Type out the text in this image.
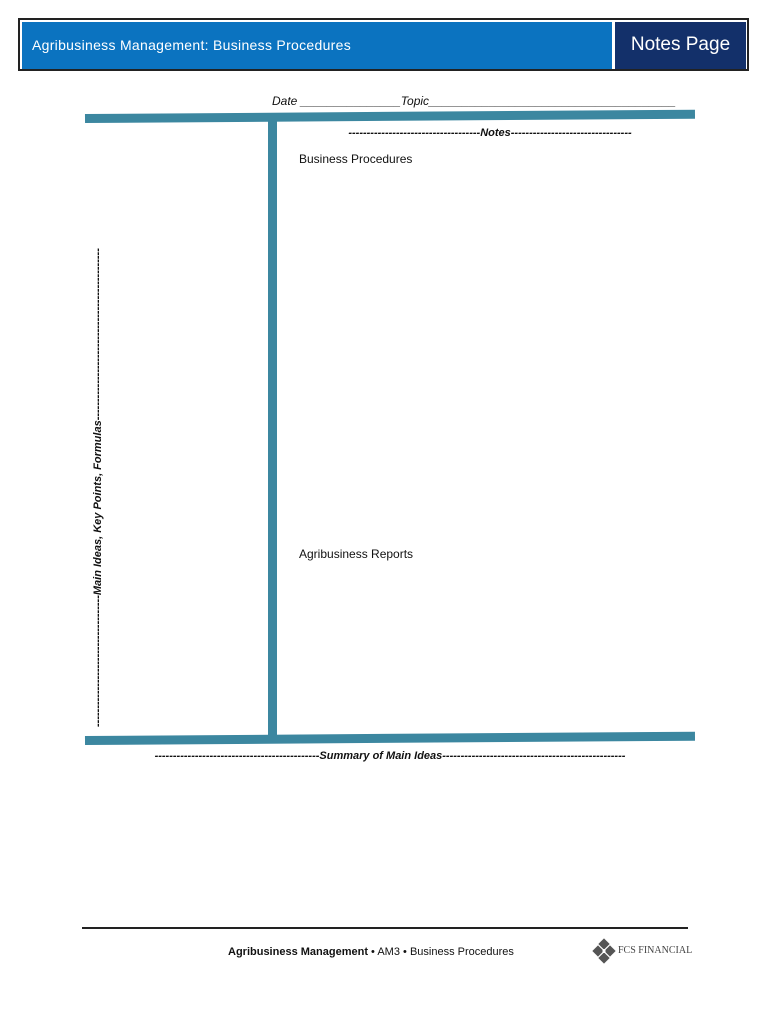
Agribusiness Management: Business Procedures	Notes Page
Date _______________Topic_____________________________________
------------------------------------Notes---------------------------------
Business Procedures
Agribusiness Reports
------------------------------------Main Ideas, Key Points, Formulas-----------------------------------------------
---------------------------------------------Summary of Main Ideas--------------------------------------------------
Agribusiness Management • AM3 • Business Procedures	FCS FINANCIAL
